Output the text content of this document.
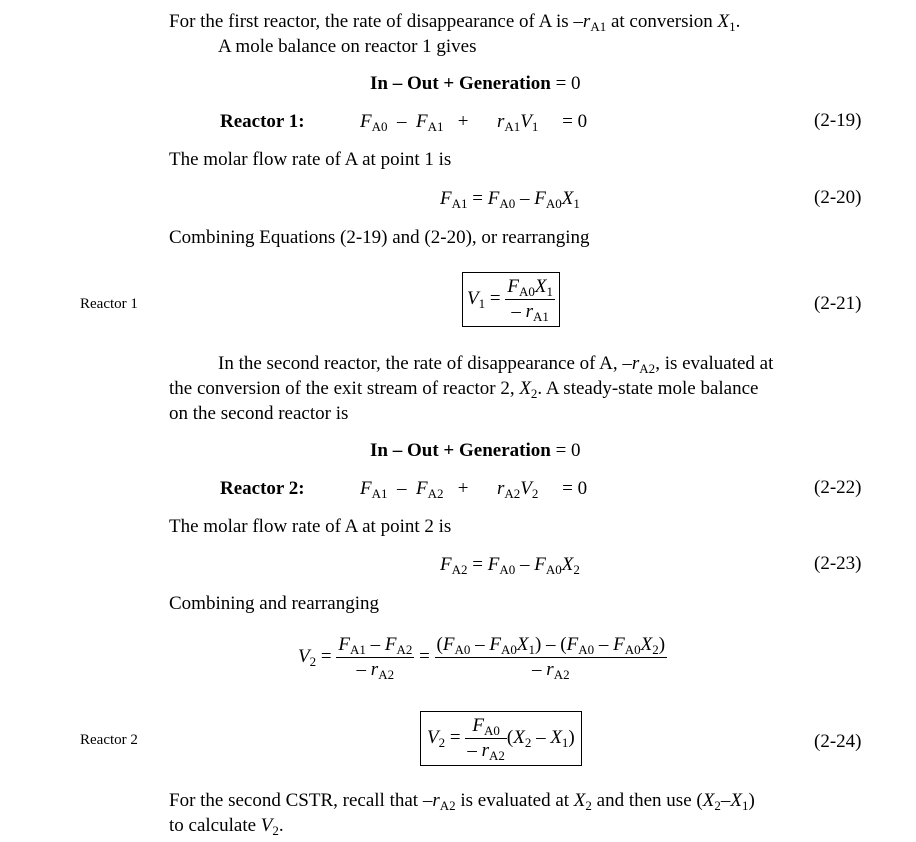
For the first reactor, the rate of disappearance of A is $-r_{A1}$ at conversion $X_1$.
A mole balance on reactor 1 gives
In – Out + Generation = 0
Reactor 1:	$F_{A0} - F_{A1}$   +      $r_{A1}V_1$     = 0	(2-19)
The molar flow rate of A at point 1 is
$F_{A1} = F_{A0} - F_{A0}X_1$	(2-20)
Combining Equations (2-19) and (2-20), or rearranging
Reactor 1	$V_1 = \frac{F_{A0}X_1}{- r_{A1}}$	(2-21)
In the second reactor, the rate of disappearance of A, $-r_{A2}$, is evaluated at
the conversion of the exit stream of reactor 2, $X_2$. A steady-state mole balance
on the second reactor is
In – Out + Generation = 0
Reactor 2:	$F_{A1} - F_{A2}$   +      $r_{A2}V_2$     = 0	(2-22)
The molar flow rate of A at point 2 is
$F_{A2} = F_{A0} - F_{A0}X_2$	(2-23)
Combining and rearranging
$V_2 = \frac{F_{A1} - F_{A2}}{- r_{A2}} = \frac{(F_{A0} - F_{A0}X_1) - (F_{A0} - F_{A0}X_2)}{- r_{A2}}$
Reactor 2	$V_2 = \frac{F_{A0}}{- r_{A2}} (X_2 - X_1)$	(2-24)
For the second CSTR, recall that $-r_{A2}$ is evaluated at $X_2$ and then use $(X_2-X_1)$
to calculate $V_2$.
